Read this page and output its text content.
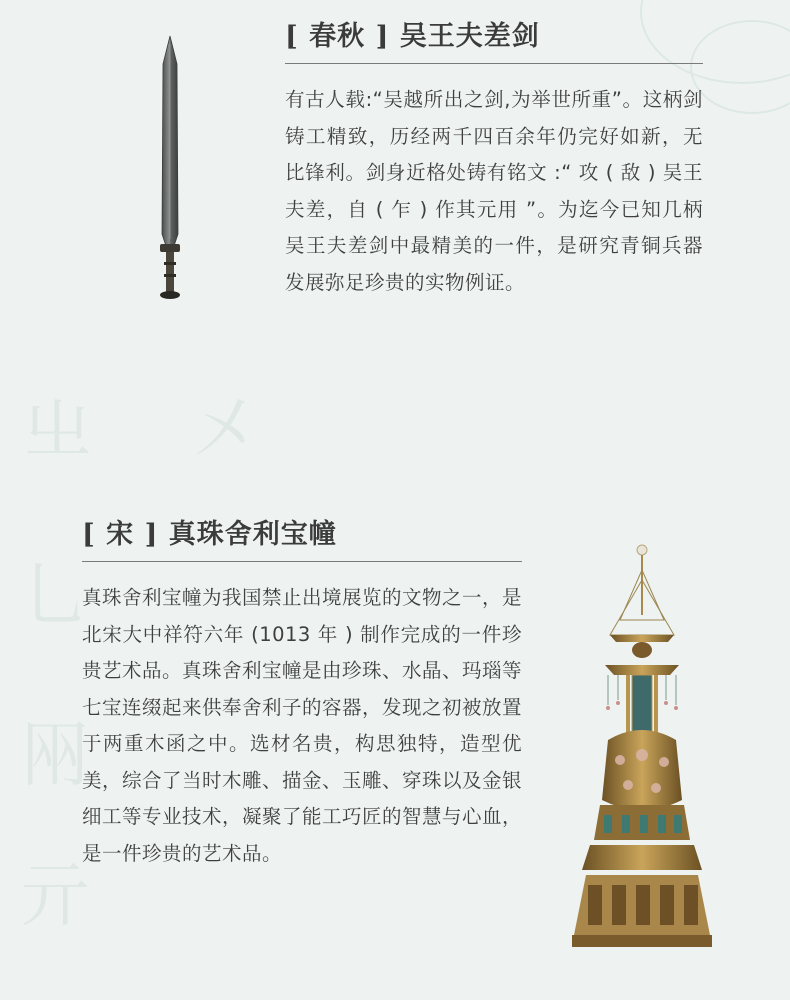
㞢 㐅
乚
㒳
亓
[ 春秋 ] 吴王夫差剑

有古人载:“吴越所出之剑,为举世所重”。这柄剑铸工精致，历经两千四百余年仍完好如新，无比锋利。剑身近格处铸有铭文 :“ 攻 ( 敌 ) 吴王夫差，自 ( 乍 ) 作其元用 ”。为迄今已知几柄吴王夫差剑中最精美的一件，是研究青铜兵器发展弥足珍贵的实物例证。

[ 宋 ] 真珠舍利宝幢

真珠舍利宝幢为我国禁止出境展览的文物之一，是北宋大中祥符六年 (1013 年 ) 制作完成的一件珍贵艺术品。真珠舍利宝幢是由珍珠、水晶、玛瑙等七宝连缀起来供奉舍利子的容器，发现之初被放置于两重木函之中。选材名贵，构思独特，造型优美，综合了当时木雕、描金、玉雕、穿珠以及金银细工等专业技术，凝聚了能工巧匠的智慧与心血，是一件珍贵的艺术品。
